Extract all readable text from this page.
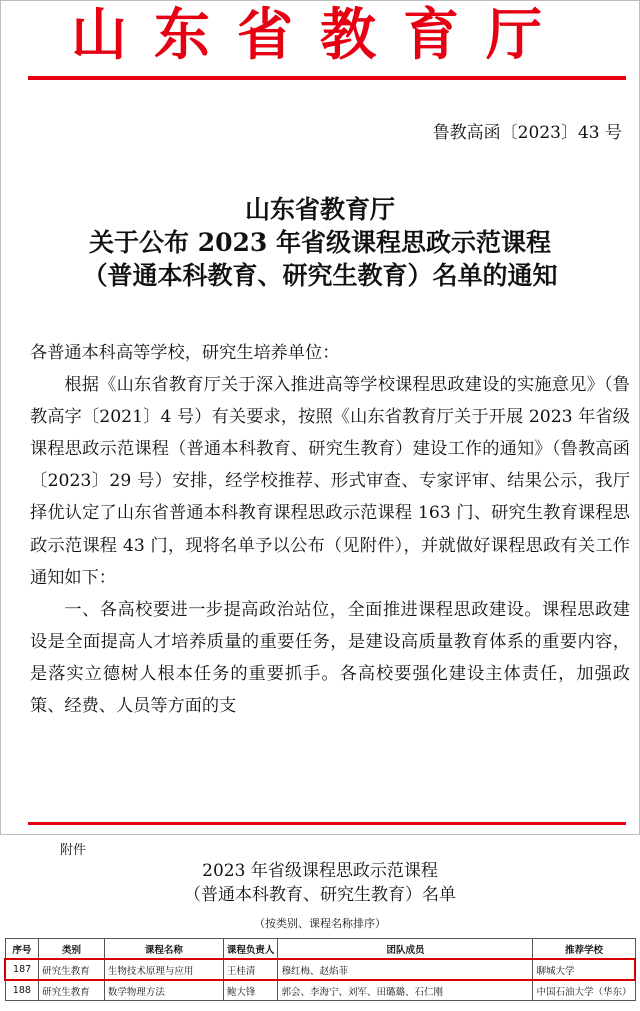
山东省教育厅
鲁教高函〔2023〕43 号
山东省教育厅
关于公布 2023 年省级课程思政示范课程
（普通本科教育、研究生教育）名单的通知

各普通本科高等学校，研究生培养单位：

根据《山东省教育厅关于深入推进高等学校课程思政建设的实施意见》（鲁教高字〔2021〕4 号）有关要求，按照《山东省教育厅关于开展 2023 年省级课程思政示范课程（普通本科教育、研究生教育）建设工作的通知》（鲁教高函〔2023〕29 号）安排，经学校推荐、形式审查、专家评审、结果公示，我厅择优认定了山东省普通本科教育课程思政示范课程 163 门、研究生教育课程思政示范课程 43 门，现将名单予以公布（见附件），并就做好课程思政有关工作通知如下：

一、各高校要进一步提高政治站位，全面推进课程思政建设。课程思政建设是全面提高人才培养质量的重要任务，是建设高质量教育体系的重要内容，是落实立德树人根本任务的重要抓手。各高校要强化建设主体责任，加强政策、经费、人员等方面的支

附件
2023 年省级课程思政示范课程
（普通本科教育、研究生教育）名单
（按类别、课程名称排序）
序号	类别	课程名称	课程负责人	团队成员	推荐学校
187	研究生教育	生物技术原理与应用	王桂清	穆红梅、赵焰菲	聊城大学
188	研究生教育	数学物理方法	鲍大锋	郭会、李海宁、刘军、田璐璐、石仁刚	中国石油大学（华东）
